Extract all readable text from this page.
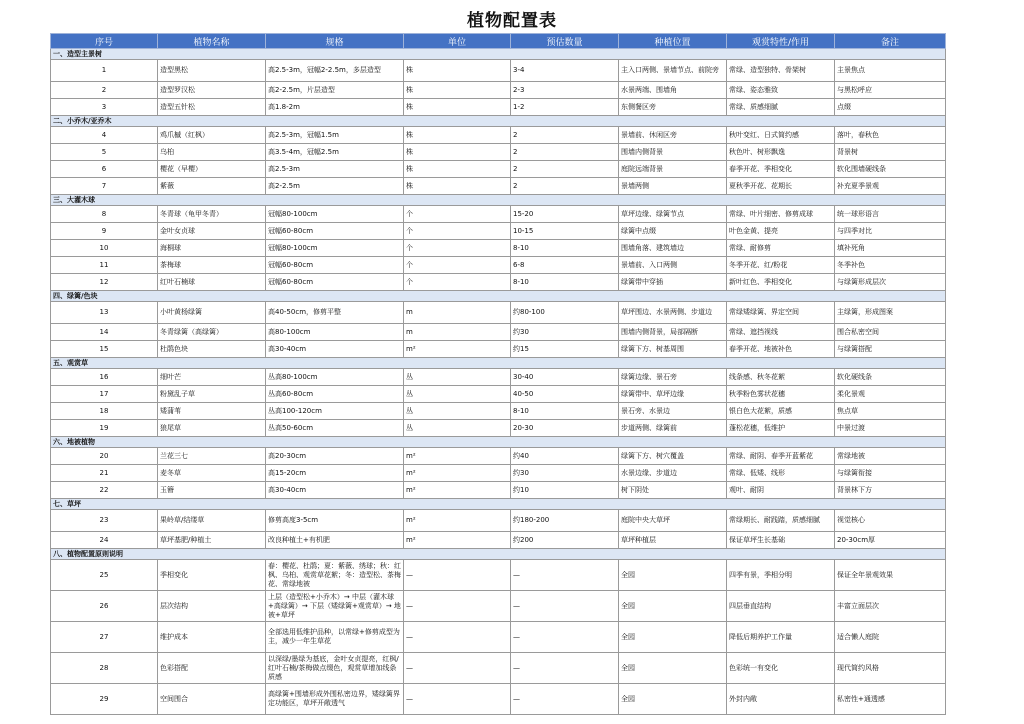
植物配置表
序号	植物名称	规格	单位	预估数量	种植位置	观赏特性/作用	备注
一、造型主景树							
1	造型黑松	高2.5-3m，冠幅2-2.5m，多层造型	株	3-4	主入口两侧、景墙节点、前院旁	常绿、造型独特、骨架树	主景焦点
2	造型罗汉松	高2-2.5m，片层造型	株	2-3	水景两端、围墙角	常绿、姿态雅致	与黑松呼应
3	造型五针松	高1.8-2m	株	1-2	东侧餐区旁	常绿、质感细腻	点缀
二、小乔木/亚乔木							
4	鸡爪槭（红枫）	高2.5-3m，冠幅1.5m	株	2	景墙前、休闲区旁	秋叶变红、日式简约感	落叶，春秋色
5	乌桕	高3.5-4m，冠幅2.5m	株	2	围墙内侧背景	秋色叶、树形飘逸	背景树
6	樱花（早樱）	高2.5-3m	株	2	庭院远端背景	春季开花、季相变化	软化围墙硬线条
7	紫薇	高2-2.5m	株	2	景墙两侧	夏秋季开花、花期长	补充夏季景观
三、大灌木球							
8	冬青球（龟甲冬青）	冠幅80-100cm	个	15-20	草坪边缘、绿篱节点	常绿、叶片细密、修剪成球	统一球形语言
9	金叶女贞球	冠幅60-80cm	个	10-15	绿篱中点缀	叶色金黄、提亮	与四季对比
10	海桐球	冠幅80-100cm	个	8-10	围墙角落、建筑墙边	常绿、耐修剪	填补死角
11	茶梅球	冠幅60-80cm	个	6-8	景墙前、入口两侧	冬季开花、红/粉花	冬季补色
12	红叶石楠球	冠幅60-80cm	个	8-10	绿篱带中穿插	新叶红色、季相变化	与绿篱形成层次
四、绿篱/色块							
13	小叶黄杨绿篱	高40-50cm，修剪平整	m	约80-100	草坪围边、水景两侧、步道边	常绿矮绿篱、界定空间	主绿篱，形成图案
14	冬青绿篱（高绿篱）	高80-100cm	m	约30	围墙内侧背景，局部隔断	常绿、遮挡视线	围合私密空间
15	杜鹃色块	高30-40cm	m²	约15	绿篱下方、树基周围	春季开花、地被补色	与绿篱搭配
五、观赏草							
16	细叶芒	丛高80-100cm	丛	30-40	绿篱边缘、景石旁	线条感、秋冬花絮	软化硬线条
17	粉黛乱子草	丛高60-80cm	丛	40-50	绿篱带中、草坪边缘	秋季粉色雾状花穗	柔化景观
18	矮蒲苇	丛高100-120cm	丛	8-10	景石旁、水景边	银白色大花絮，质感	焦点草
19	狼尾草	丛高50-60cm	丛	20-30	步道两侧、绿篱前	蓬松花穗，低维护	中景过渡
六、地被植物							
20	兰花三七	高20-30cm	m²	约40	绿篱下方、树穴覆盖	常绿、耐阴、春季开蓝紫花	常绿地被
21	麦冬草	高15-20cm	m²	约30	水景边缘、步道边	常绿、低矮、线形	与绿篱衔接
22	玉簪	高30-40cm	m²	约10	树下阴处	观叶、耐阴	背景林下方
七、草坪							
23	果岭草/结缕草	修剪高度3-5cm	m²	约180-200	庭院中央大草坪	常绿期长、耐践踏，质感细腻	视觉核心
24	草坪基肥/种植土	改良种植土+有机肥	m²	约200	草坪种植层	保证草坪生长基础	20-30cm厚
八、植物配置原则说明							
25	季相变化	春：樱花、杜鹃；夏：紫薇、绣球；秋：红枫、乌桕、观赏草花絮；冬：造型松、茶梅花、常绿地被	—	—	全园	四季有景，季相分明	保证全年景观效果
26	层次结构	上层（造型松+小乔木）→ 中层（灌木球+高绿篱）→ 下层（矮绿篱+观赏草）→ 地被+草坪	—	—	全园	四层垂直结构	丰富立面层次
27	维护成本	全部选用低维护品种，以常绿+修剪成型为主，减少一年生草花	—	—	全园	降低后期养护工作量	适合懒人庭院
28	色彩搭配	以深绿/墨绿为基底，金叶女贞提亮，红枫/红叶石楠/茶梅做点缀色，观赏草增加线条质感	—	—	全园	色彩统一有变化	现代简约风格
29	空间围合	高绿篱+围墙形成外围私密边界，矮绿篱界定功能区，草坪开敞透气	—	—	全园	外封内敞	私密性+通透感
